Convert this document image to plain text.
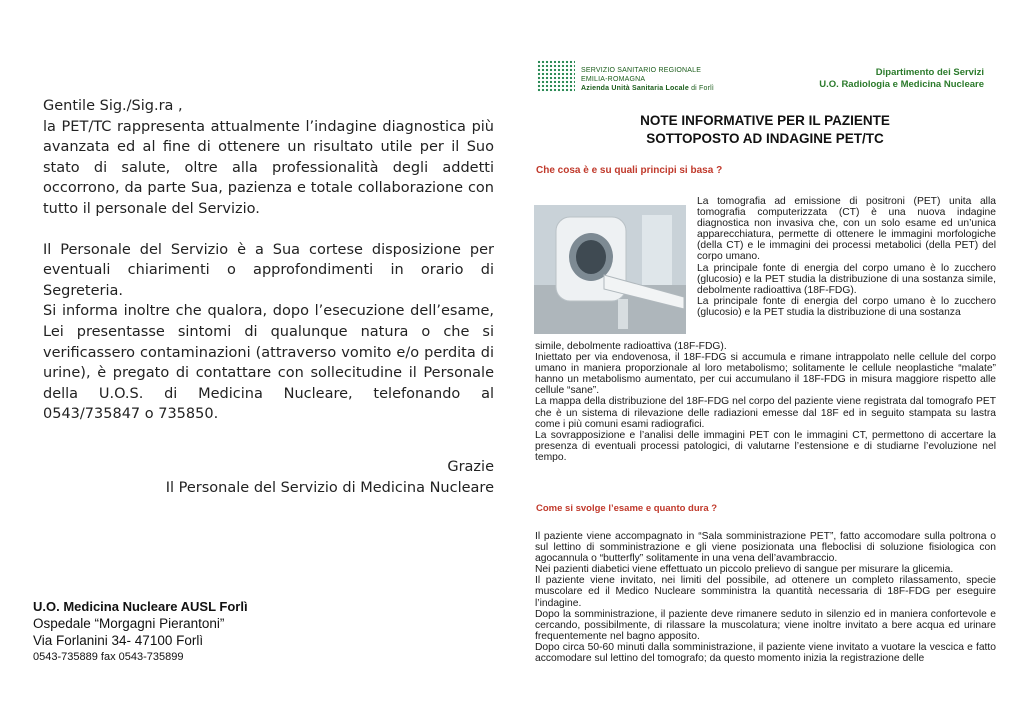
Gentile Sig./Sig.ra ,

la PET/TC rappresenta attualmente l’indagine diagnostica più avanzata ed al fine di ottenere un risultato utile per il Suo stato di salute, oltre alla professionalità degli addetti occorrono, da parte Sua, pazienza e totale collaborazione con tutto il personale del Servizio.

Il Personale del Servizio è a Sua cortese disposizione per eventuali chiarimenti o approfondimenti in orario di Segreteria.

Si informa inoltre che qualora, dopo l’esecuzione dell’esame, Lei presentasse sintomi di qualunque natura o che si verificassero contaminazioni (attraverso vomito e/o perdita di urine), è pregato di contattare con sollecitudine il Personale della U.O.S. di Medicina Nucleare, telefonando al 0543/735847 o 735850.

Grazie

Il Personale del Servizio di Medicina Nucleare

U.O. Medicina Nucleare AUSL Forlì
Ospedale “Morgagni Pierantoni”
Via Forlanini 34- 47100 Forlì
0543-735889 fax 0543-735899
SERVIZIO SANITARIO REGIONALE
EMILIA-ROMAGNA
Azienda Unità Sanitaria Locale di Forlì
Dipartimento dei Servizi
U.O. Radiologia e Medicina Nucleare
NOTE INFORMATIVE PER IL PAZIENTE
SOTTOPOSTO AD INDAGINE PET/TC
Che cosa è e su quali principi si basa ?

La tomografia ad emissione di positroni (PET) unita alla tomografia computerizzata (CT) è una nuova indagine diagnostica non invasiva che, con un solo esame ed un’unica apparecchiatura, permette di ottenere le immagini morfologiche (della CT) e le immagini dei processi metabolici (della PET) del corpo umano.

La principale fonte di energia del corpo umano è lo zucchero (glucosio) e la PET studia la distribuzione di una sostanza simile, debolmente radioattiva (18F-FDG).

La principale fonte di energia del corpo umano è lo zucchero (glucosio) e la PET studia la distribuzione di una sostanza

simile, debolmente radioattiva (18F-FDG).

Iniettato per via endovenosa, il 18F-FDG si accumula e rimane intrappolato nelle cellule del corpo umano in maniera proporzionale al loro metabolismo; solitamente le cellule neoplastiche “malate” hanno un metabolismo aumentato, per cui accumulano il 18F-FDG in misura maggiore rispetto alle cellule “sane”.

La mappa della distribuzione del 18F-FDG nel corpo del paziente viene registrata dal tomografo PET che è un sistema di rilevazione delle radiazioni emesse dal 18F ed in seguito stampata su lastra come i più comuni esami radiografici.

La sovrapposizione e l’analisi delle immagini PET con le immagini CT, permettono di accertare la presenza di eventuali processi patologici, di valutarne l’estensione e di studiarne l’evoluzione nel tempo.

Come si svolge l’esame e quanto dura ?

Il paziente viene accompagnato in “Sala somministrazione PET”, fatto accomodare sulla poltrona o sul lettino di somministrazione e gli viene posizionata una fleboclisi di soluzione fisiologica con agocannula o “butterfly” solitamente in una vena dell’avambraccio.

Nei pazienti diabetici viene effettuato un piccolo prelievo di sangue per misurare la glicemia.

Il paziente viene invitato, nei limiti del possibile, ad ottenere un completo rilassamento, specie muscolare ed il Medico Nucleare somministra la quantità necessaria di 18F-FDG per eseguire l’indagine.

Dopo la somministrazione, il paziente deve rimanere seduto in silenzio ed in maniera confortevole e cercando, possibilmente, di rilassare la muscolatura; viene inoltre invitato a bere acqua ed urinare frequentemente nel bagno apposito.

Dopo circa 50-60 minuti dalla somministrazione, il paziente viene invitato a vuotare la vescica e fatto accomodare sul lettino del tomografo; da questo momento inizia la registrazione delle
